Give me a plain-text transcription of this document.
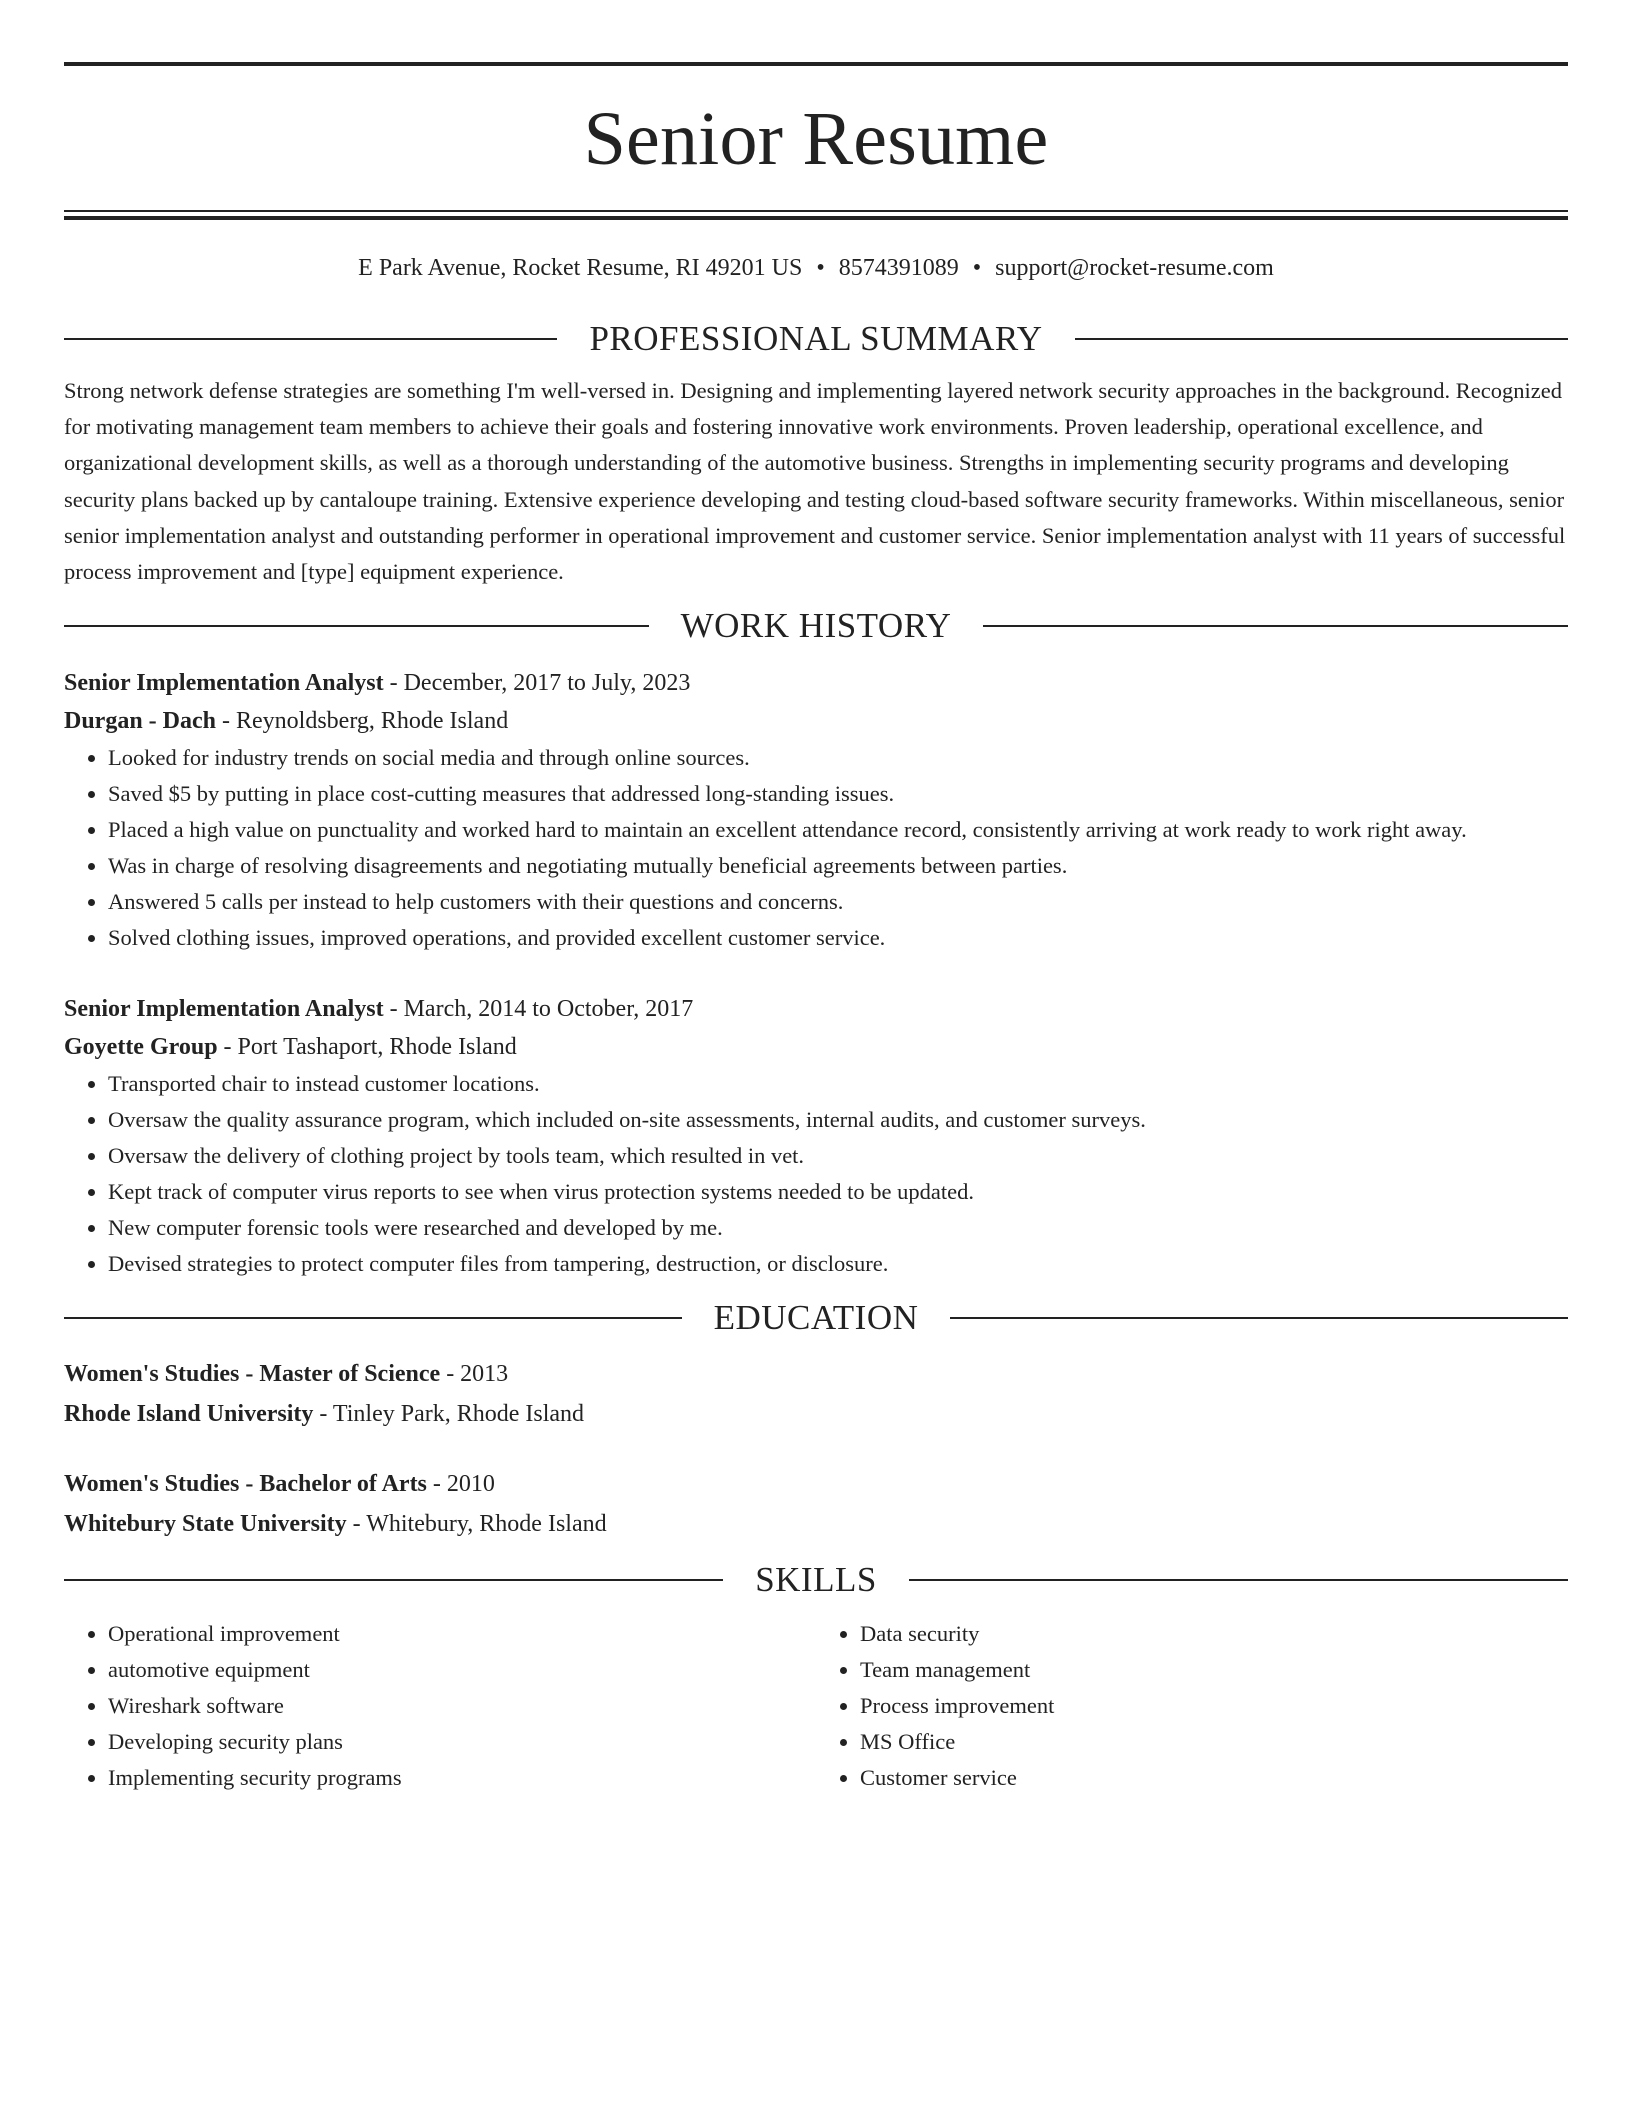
Senior Resume
E Park Avenue, Rocket Resume, RI 49201 US • 8574391089 • support@rocket-resume.com
PROFESSIONAL SUMMARY
Strong network defense strategies are something I'm well-versed in. Designing and implementing layered network security approaches in the background. Recognized for motivating management team members to achieve their goals and fostering innovative work environments. Proven leadership, operational excellence, and organizational development skills, as well as a thorough understanding of the automotive business. Strengths in implementing security programs and developing security plans backed up by cantaloupe training. Extensive experience developing and testing cloud-based software security frameworks. Within miscellaneous, senior senior implementation analyst and outstanding performer in operational improvement and customer service. Senior implementation analyst with 11 years of successful process improvement and [type] equipment experience.
WORK HISTORY
Senior Implementation Analyst - December, 2017 to July, 2023
Durgan - Dach - Reynoldsberg, Rhode Island
• Looked for industry trends on social media and through online sources.
• Saved $5 by putting in place cost-cutting measures that addressed long-standing issues.
• Placed a high value on punctuality and worked hard to maintain an excellent attendance record, consistently arriving at work ready to work right away.
• Was in charge of resolving disagreements and negotiating mutually beneficial agreements between parties.
• Answered 5 calls per instead to help customers with their questions and concerns.
• Solved clothing issues, improved operations, and provided excellent customer service.
Senior Implementation Analyst - March, 2014 to October, 2017
Goyette Group - Port Tashaport, Rhode Island
• Transported chair to instead customer locations.
• Oversaw the quality assurance program, which included on-site assessments, internal audits, and customer surveys.
• Oversaw the delivery of clothing project by tools team, which resulted in vet.
• Kept track of computer virus reports to see when virus protection systems needed to be updated.
• New computer forensic tools were researched and developed by me.
• Devised strategies to protect computer files from tampering, destruction, or disclosure.
EDUCATION
Women's Studies - Master of Science - 2013
Rhode Island University - Tinley Park, Rhode Island
Women's Studies - Bachelor of Arts - 2010
Whitebury State University - Whitebury, Rhode Island
SKILLS
• Operational improvement
• automotive equipment
• Wireshark software
• Developing security plans
• Implementing security programs
• Data security
• Team management
• Process improvement
• MS Office
• Customer service
